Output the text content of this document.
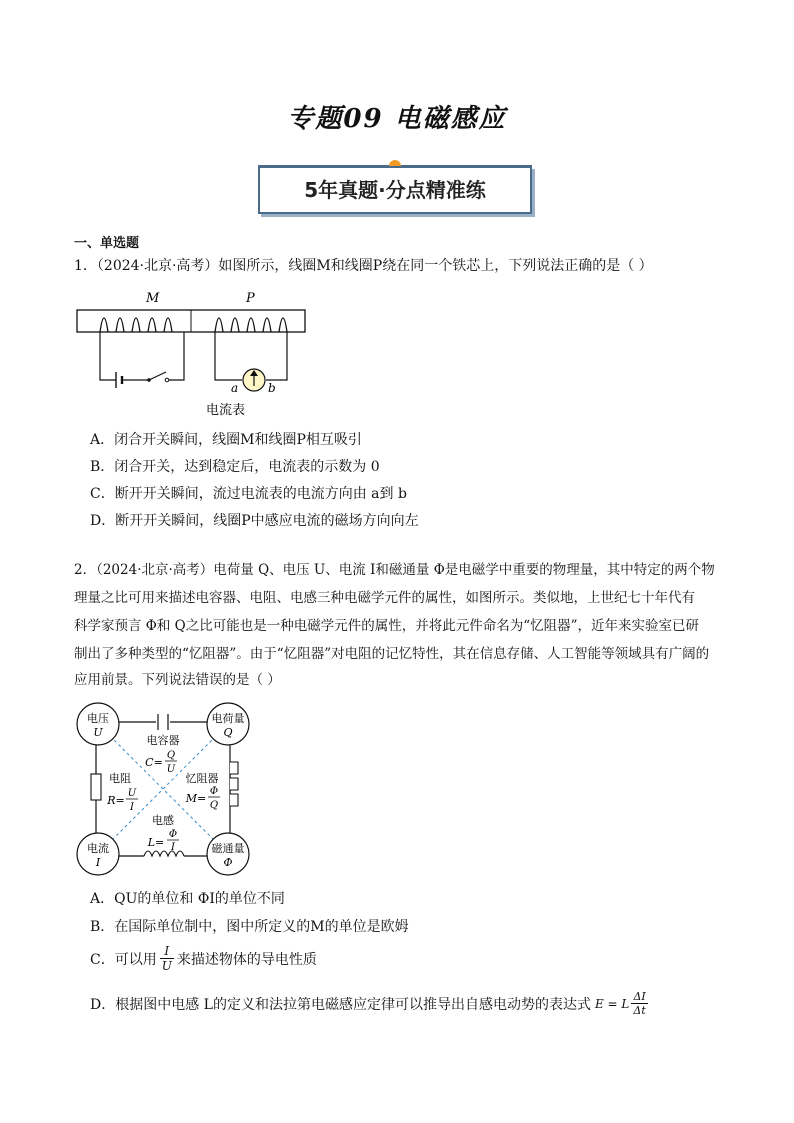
专题09 电磁感应
5年真题·分点精准练
一、单选题
1．（2024·北京·高考）如图所示，线圈M和线圈P绕在同一个铁芯上，下列说法正确的是（ ）
M	P
a b
电流表
A．闭合开关瞬间，线圈M和线圈P相互吸引
B．闭合开关，达到稳定后，电流表的示数为 0
C．断开开关瞬间，流过电流表的电流方向由 a到 b
D．断开开关瞬间，线圈P中感应电流的磁场方向向左
2．（2024·北京·高考）电荷量 Q、电压 U、电流 I和磁通量 Φ是电磁学中重要的物理量，其中特定的两个物
理量之比可用来描述电容器、电阻、电感三种电磁学元件的属性，如图所示。类似地，上世纪七十年代有
科学家预言 Φ和 Q之比可能也是一种电磁学元件的属性，并将此元件命名为“忆阻器”，近年来实验室已研
制出了多种类型的“忆阻器”。由于“忆阻器”对电阻的记忆特性，其在信息存储、人工智能等领域具有广阔的
应用前景。下列说法错误的是（ ）
电压
U
电荷量
Q
电流
I
磁通量
Φ
电容器
C=
Q
U
电阻
R=
U
I
忆阻器
M=
Φ
Q
电感
L=
Φ
I
A．QU的单位和 ΦI的单位不同
B．在国际单位制中，图中所定义的M的单位是欧姆
C．可以用 $\frac{I}{U}$ 来描述物体的导电性质
D．根据图中电感 L的定义和法拉第电磁感应定律可以推导出自感电动势的表达式 E = L $\frac{\Delta I}{\Delta t}$
